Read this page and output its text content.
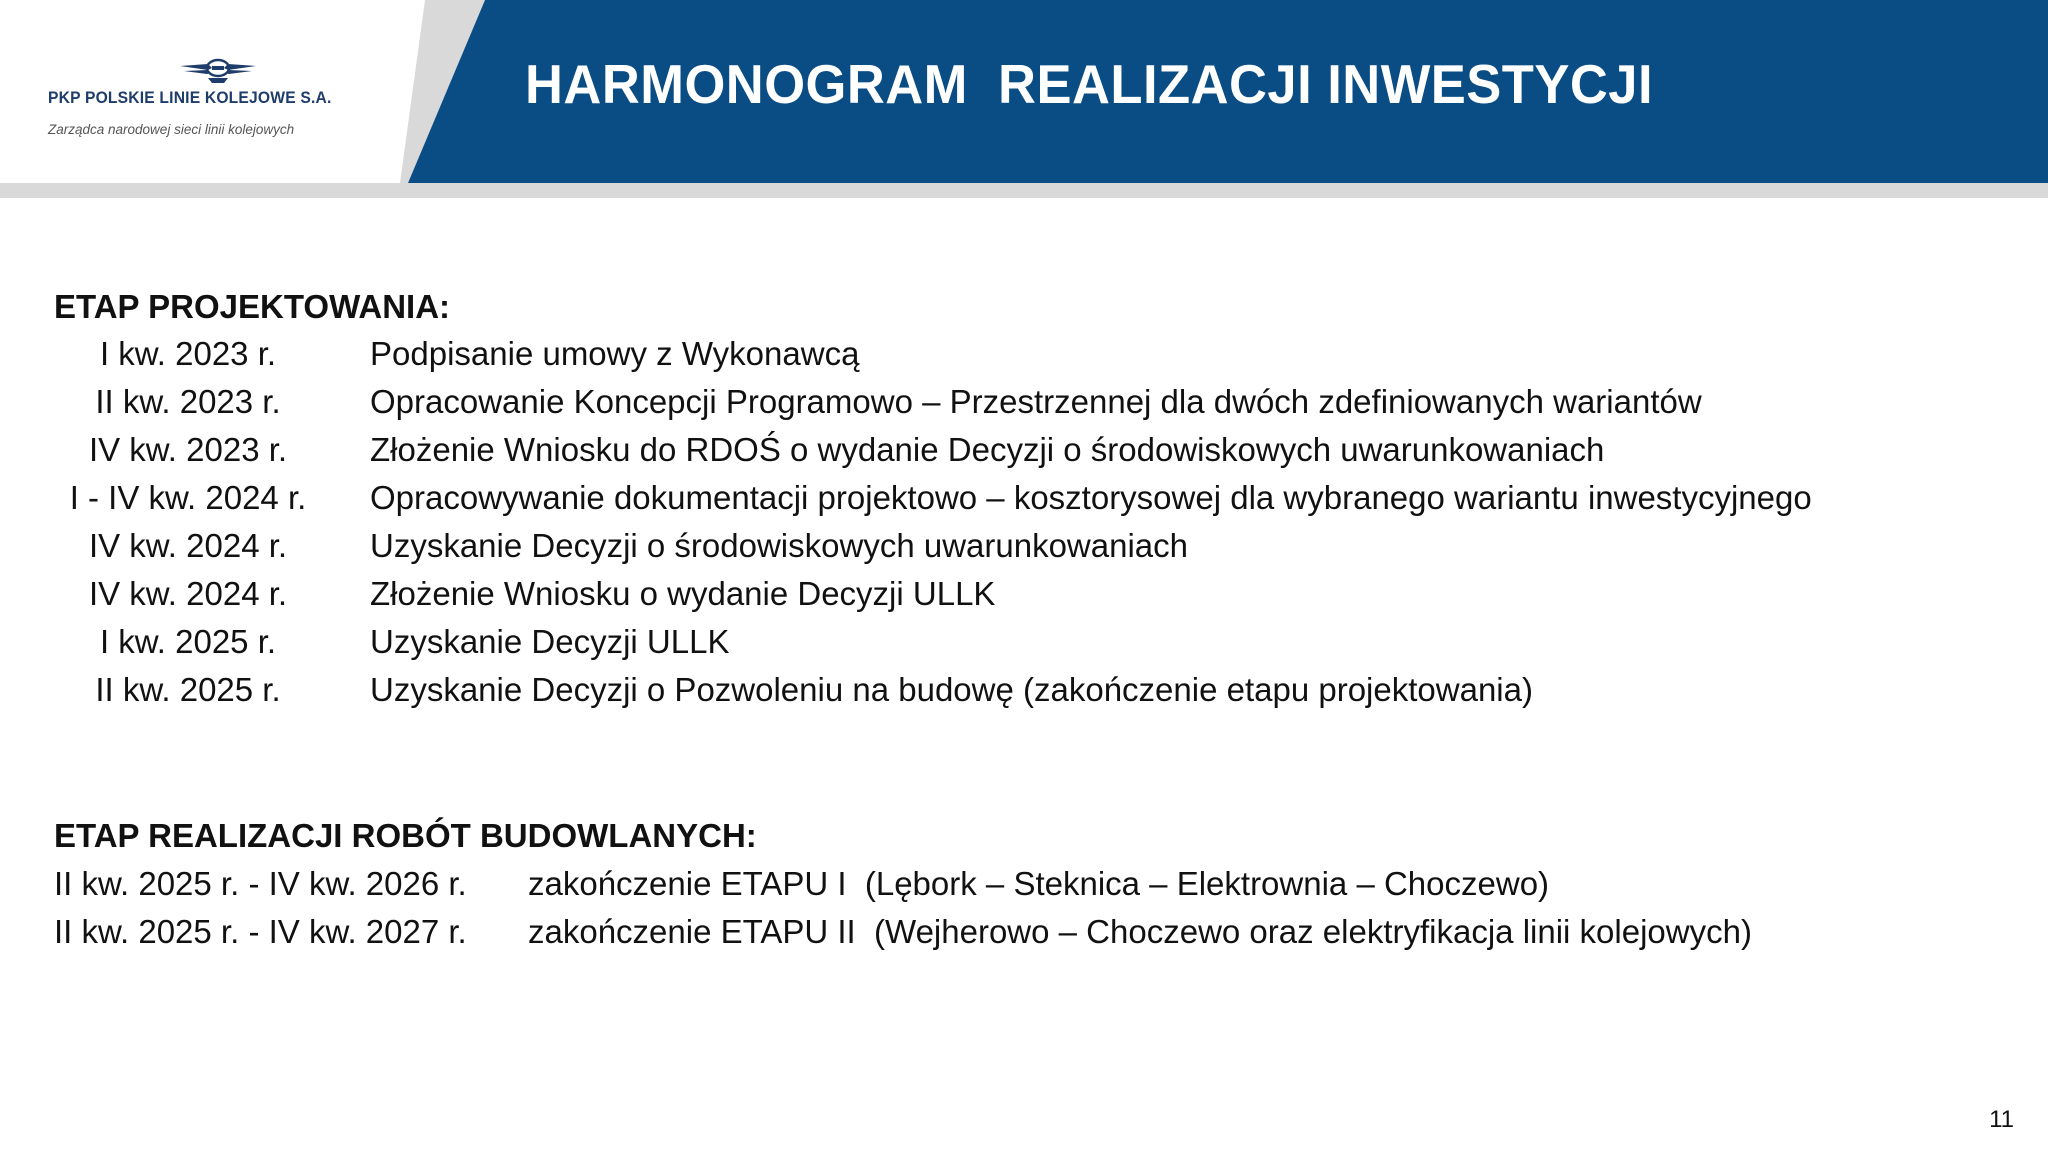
PKP POLSKIE LINIE KOLEJOWE S.A.
Zarządca narodowej sieci linii kolejowych
HARMONOGRAM  REALIZACJI INWESTYCJI
ETAP PROJEKTOWANIA:
I kw. 2023 r.	Podpisanie umowy z Wykonawcą
II kw. 2023 r.	Opracowanie Koncepcji Programowo – Przestrzennej dla dwóch zdefiniowanych wariantów
IV kw. 2023 r.	Złożenie Wniosku do RDOŚ o wydanie Decyzji o środowiskowych uwarunkowaniach
I - IV kw. 2024 r. Opracowywanie dokumentacji projektowo – kosztorysowej dla wybranego wariantu inwestycyjnego
IV kw. 2024 r.	Uzyskanie Decyzji o środowiskowych uwarunkowaniach
IV kw. 2024 r.	Złożenie Wniosku o wydanie Decyzji ULLK
I kw. 2025 r.	Uzyskanie Decyzji ULLK
II kw. 2025 r.	Uzyskanie Decyzji o Pozwoleniu na budowę (zakończenie etapu projektowania)
ETAP REALIZACJI ROBÓT BUDOWLANYCH:
II kw. 2025 r. - IV kw. 2026 r. zakończenie ETAPU I  (Lębork – Steknica – Elektrownia – Choczewo)
II kw. 2025 r. - IV kw. 2027 r. zakończenie ETAPU II  (Wejherowo – Choczewo oraz elektryfikacja linii kolejowych)
11
